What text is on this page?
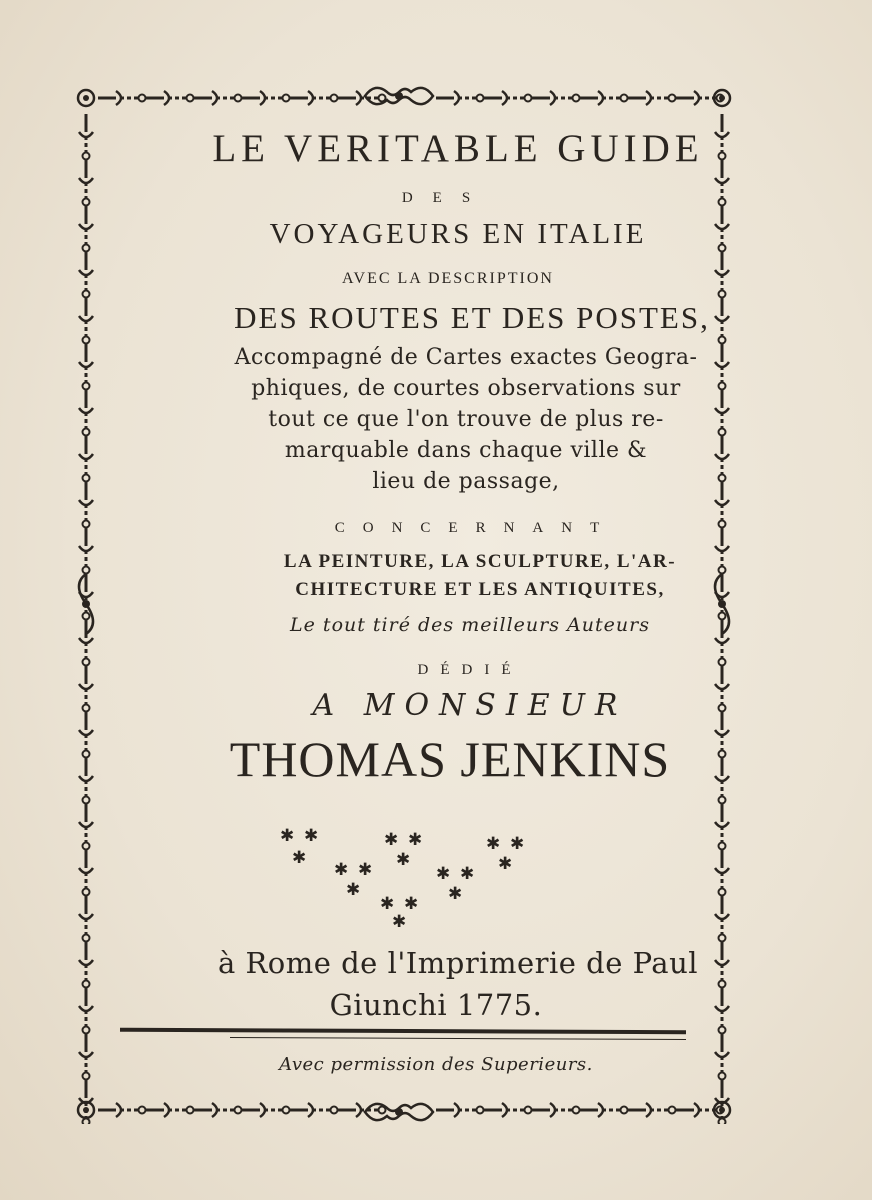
LE VERITABLE GUIDE
DES
VOYAGEURS EN ITALIE
AVEC LA DESCRIPTION
DES ROUTES ET DES POSTES,
Accompagné de Cartes exactes Geogra-
phiques, de courtes observations sur
tout ce que l'on trouve de plus re-
marquable dans chaque ville &
lieu de passage,
CONCERNANT
LA PEINTURE, LA SCULPTURE, L'AR-
CHITECTURE ET LES ANTIQUITES,
Le tout tiré des meilleurs Auteurs
DÉDIÉ
A MONSIEUR
THOMAS JENKINS
✱ ✱
✱
✱ ✱
✱
✱ ✱
✱
✱ ✱
✱
✱ ✱
✱
✱ ✱
✱
à Rome de l'Imprimerie de Paul
Giunchi 1775.
Avec permission des Superieurs.
